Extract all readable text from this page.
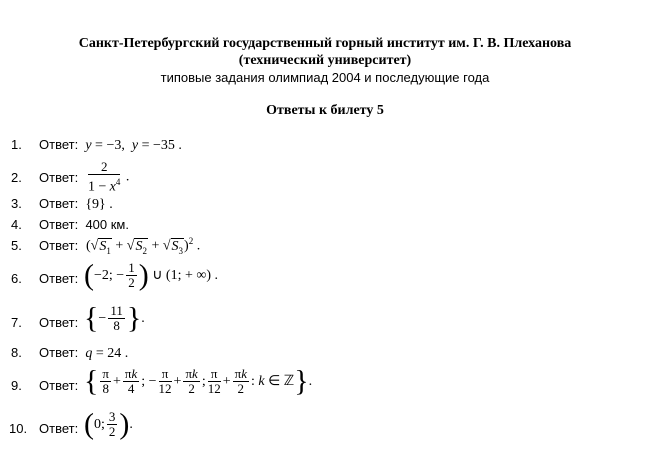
Санкт-Петербургский государственный горный институт им. Г. В. Плеханова
(технический университет)
типовые задания олимпиад 2004 и последующие года
Ответы к билету 5
1. Ответ:  y = −3,  y = −35 .
2. Ответ: $\frac{2}{1 - x^4}$ .
3. Ответ:  {9} .
4. Ответ:  400 км.
5. Ответ: $(√S_1 + √S_2 + √S_3)^2$ .
6. Ответ: (−2; − $\frac{1}{2}$ ) ∪ (1; + ∞) .
7. Ответ: {− $\frac{11}{8}$ }.
8. Ответ:  q = 24 .
9. Ответ: { $\frac{\pi}{8} + \frac{\pi k}{4}$ ; − $\frac{\pi}{12} + \frac{\pi k}{2}$ ; $\frac{\pi}{12} + \frac{\pi k}{2}$ : k ∈ ℤ}.
10. Ответ: (0; $\frac{3}{2}$ ).
